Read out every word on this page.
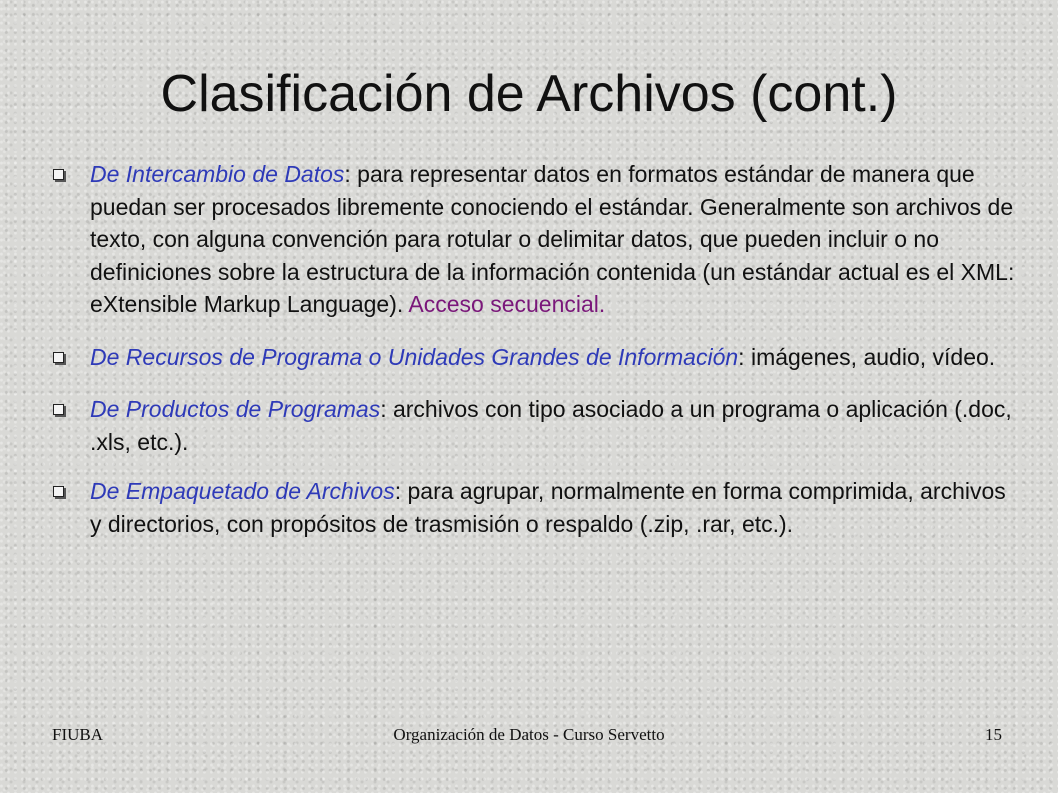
Clasificación de Archivos (cont.)
De Intercambio de Datos: para representar datos en formatos estándar de manera que puedan ser procesados libremente conociendo el estándar. Generalmente son archivos de texto, con alguna convención para rotular o delimitar datos, que pueden incluir o no definiciones sobre la estructura de la información contenida (un estándar actual es el XML: eXtensible Markup Language). Acceso secuencial.
De Recursos de Programa o Unidades Grandes de Información: imágenes, audio, vídeo.
De Productos de Programas: archivos con tipo asociado a un programa o aplicación (.doc, .xls, etc.).
De Empaquetado de Archivos: para agrupar, normalmente en forma comprimida, archivos y directorios, con propósitos de trasmisión o respaldo (.zip, .rar, etc.).
FIUBA	Organización de Datos - Curso Servetto	15
